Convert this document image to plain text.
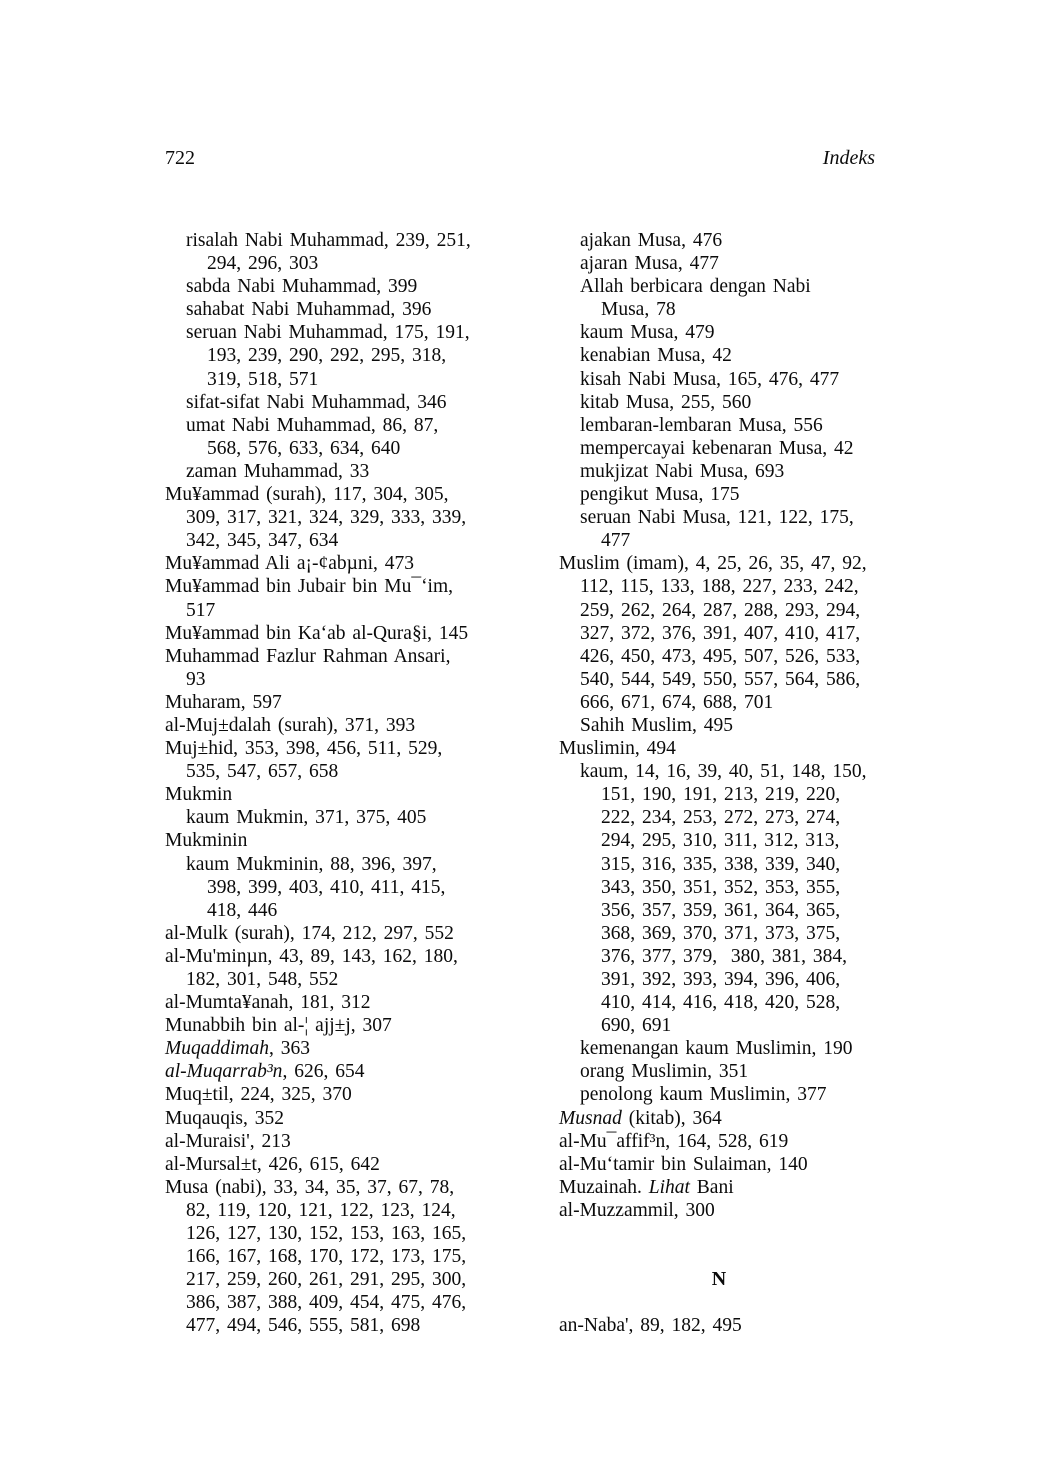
722	Indeks
risalah Nabi Muhammad, 239, 251,
294, 296, 303
sabda Nabi Muhammad, 399
sahabat Nabi Muhammad, 396
seruan Nabi Muhammad, 175, 191,
193, 239, 290, 292, 295, 318,
319, 518, 571
sifat-sifat Nabi Muhammad, 346
umat Nabi Muhammad, 86, 87,
568, 576, 633, 634, 640
zaman Muhammad, 33
Mu¥ammad (surah), 117, 304, 305,
309, 317, 321, 324, 329, 333, 339,
342, 345, 347, 634
Mu¥ammad Ali a¡-¢abµni, 473
Mu¥ammad bin Jubair bin Mu¯‘im,
517
Mu¥ammad bin Ka‘ab al-Qura§i, 145
Muhammad Fazlur Rahman Ansari,
93
Muharam, 597
al-Muj±dalah (surah), 371, 393
Muj±hid, 353, 398, 456, 511, 529,
535, 547, 657, 658
Mukmin
kaum Mukmin, 371, 375, 405
Mukminin
kaum Mukminin, 88, 396, 397,
398, 399, 403, 410, 411, 415,
418, 446
al-Mulk (surah), 174, 212, 297, 552
al-Mu'minµn, 43, 89, 143, 162, 180,
182, 301, 548, 552
al-Mumta¥anah, 181, 312
Munabbih bin al-¦ ajj±j, 307
Muqaddimah, 363
al-Muqarrab³n, 626, 654
Muq±til, 224, 325, 370
Muqauqis, 352
al-Muraisi', 213
al-Mursal±t, 426, 615, 642
Musa (nabi), 33, 34, 35, 37, 67, 78,
82, 119, 120, 121, 122, 123, 124,
126, 127, 130, 152, 153, 163, 165,
166, 167, 168, 170, 172, 173, 175,
217, 259, 260, 261, 291, 295, 300,
386, 387, 388, 409, 454, 475, 476,
477, 494, 546, 555, 581, 698
ajakan Musa, 476
ajaran Musa, 477
Allah berbicara dengan Nabi
Musa, 78
kaum Musa, 479
kenabian Musa, 42
kisah Nabi Musa, 165, 476, 477
kitab Musa, 255, 560
lembaran-lembaran Musa, 556
mempercayai kebenaran Musa, 42
mukjizat Nabi Musa, 693
pengikut Musa, 175
seruan Nabi Musa, 121, 122, 175,
477
Muslim (imam), 4, 25, 26, 35, 47, 92,
112, 115, 133, 188, 227, 233, 242,
259, 262, 264, 287, 288, 293, 294,
327, 372, 376, 391, 407, 410, 417,
426, 450, 473, 495, 507, 526, 533,
540, 544, 549, 550, 557, 564, 586,
666, 671, 674, 688, 701
Sahih Muslim, 495
Muslimin, 494
kaum, 14, 16, 39, 40, 51, 148, 150,
151, 190, 191, 213, 219, 220,
222, 234, 253, 272, 273, 274,
294, 295, 310, 311, 312, 313,
315, 316, 335, 338, 339, 340,
343, 350, 351, 352, 353, 355,
356, 357, 359, 361, 364, 365,
368, 369, 370, 371, 373, 375,
376, 377, 379,  380, 381, 384,
391, 392, 393, 394, 396, 406,
410, 414, 416, 418, 420, 528,
690, 691
kemenangan kaum Muslimin, 190
orang Muslimin, 351
penolong kaum Muslimin, 377
Musnad (kitab), 364
al-Mu¯affif³n, 164, 528, 619
al-Mu‘tamir bin Sulaiman, 140
Muzainah. Lihat Bani
al-Muzzammil, 300
N
an-Naba', 89, 182, 495
